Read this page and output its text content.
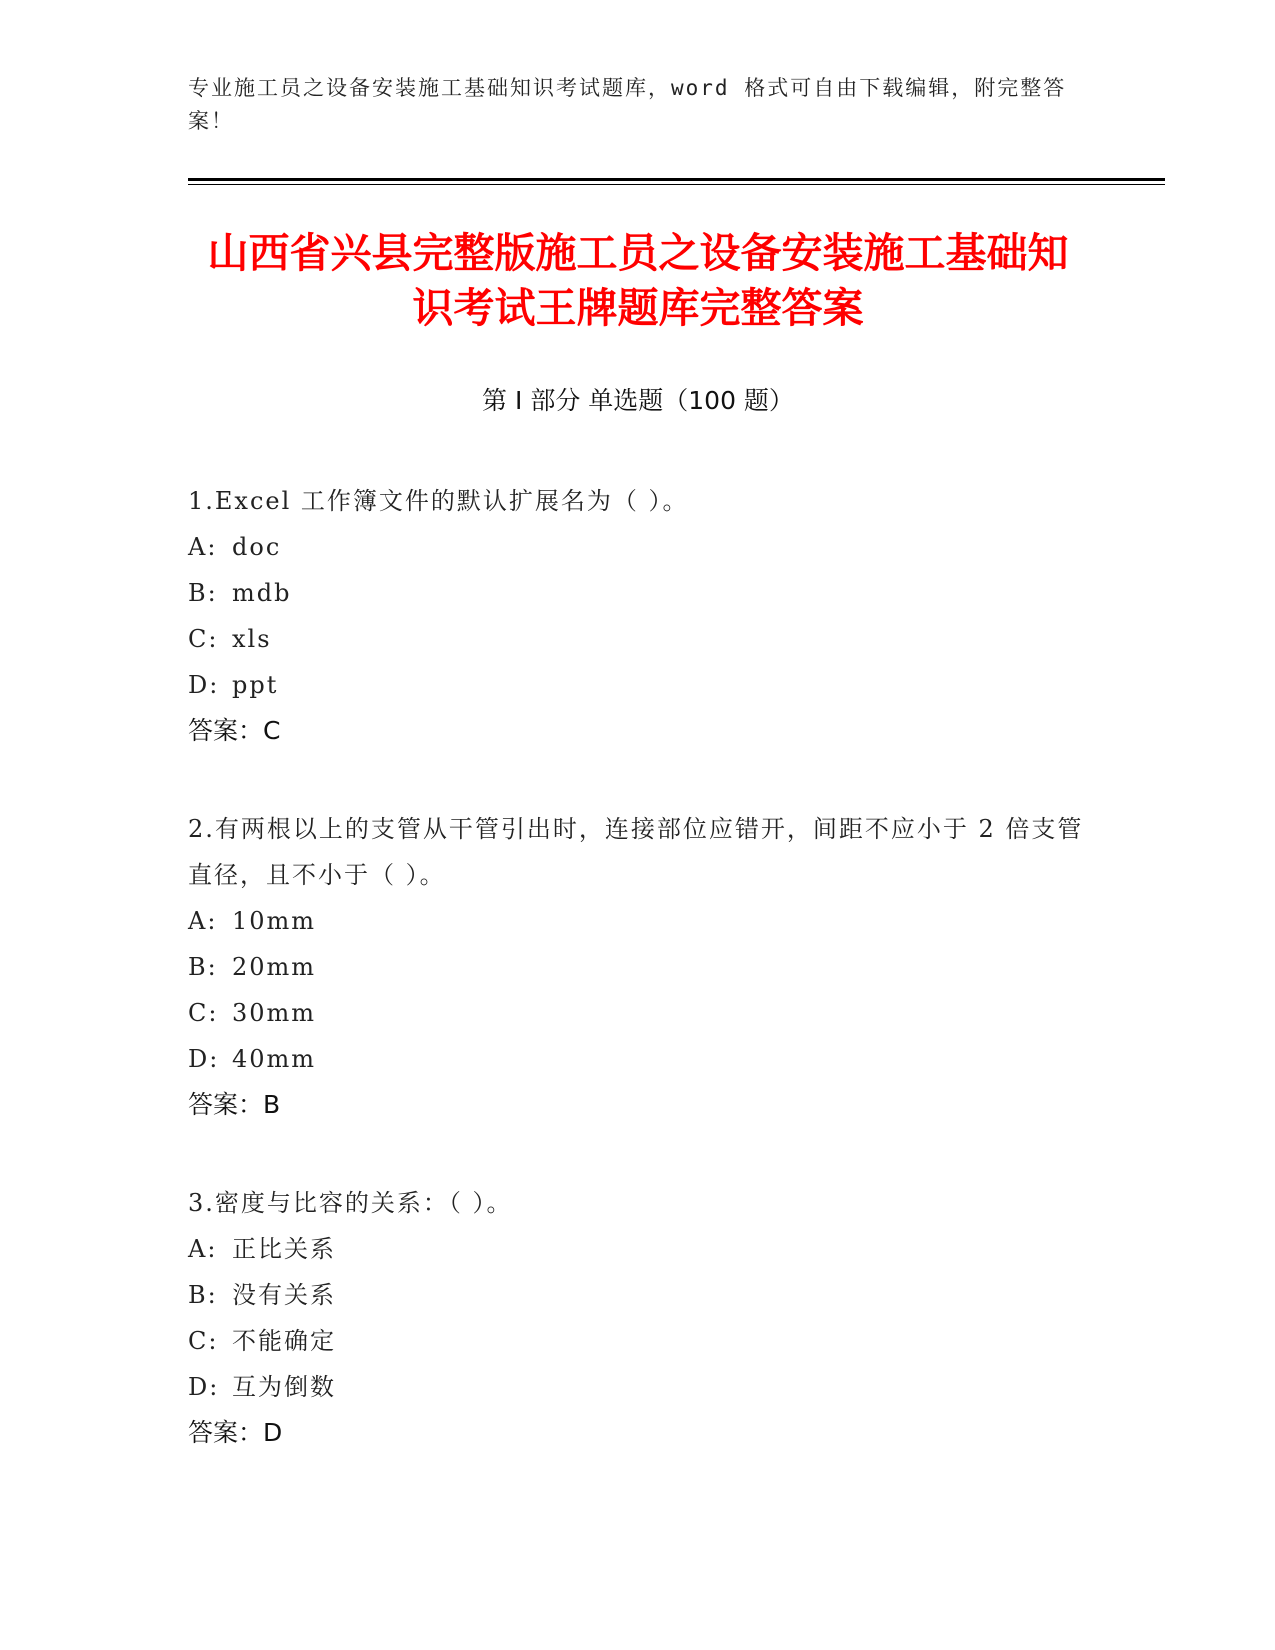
专业施工员之设备安装施工基础知识考试题库，word 格式可自由下载编辑，附完整答案！
山西省兴县完整版施工员之设备安装施工基础知识考试王牌题库完整答案
第 I 部分 单选题（100 题）
1.Excel 工作簿文件的默认扩展名为（ ）。
A: doc
B: mdb
C: xls
D: ppt
答案：C
2.有两根以上的支管从干管引出时，连接部位应错开，间距不应小于 2 倍支管直径，且不小于（ ）。
A: 10mm
B: 20mm
C: 30mm
D: 40mm
答案：B
3.密度与比容的关系：（ ）。
A: 正比关系
B: 没有关系
C: 不能确定
D: 互为倒数
答案：D
